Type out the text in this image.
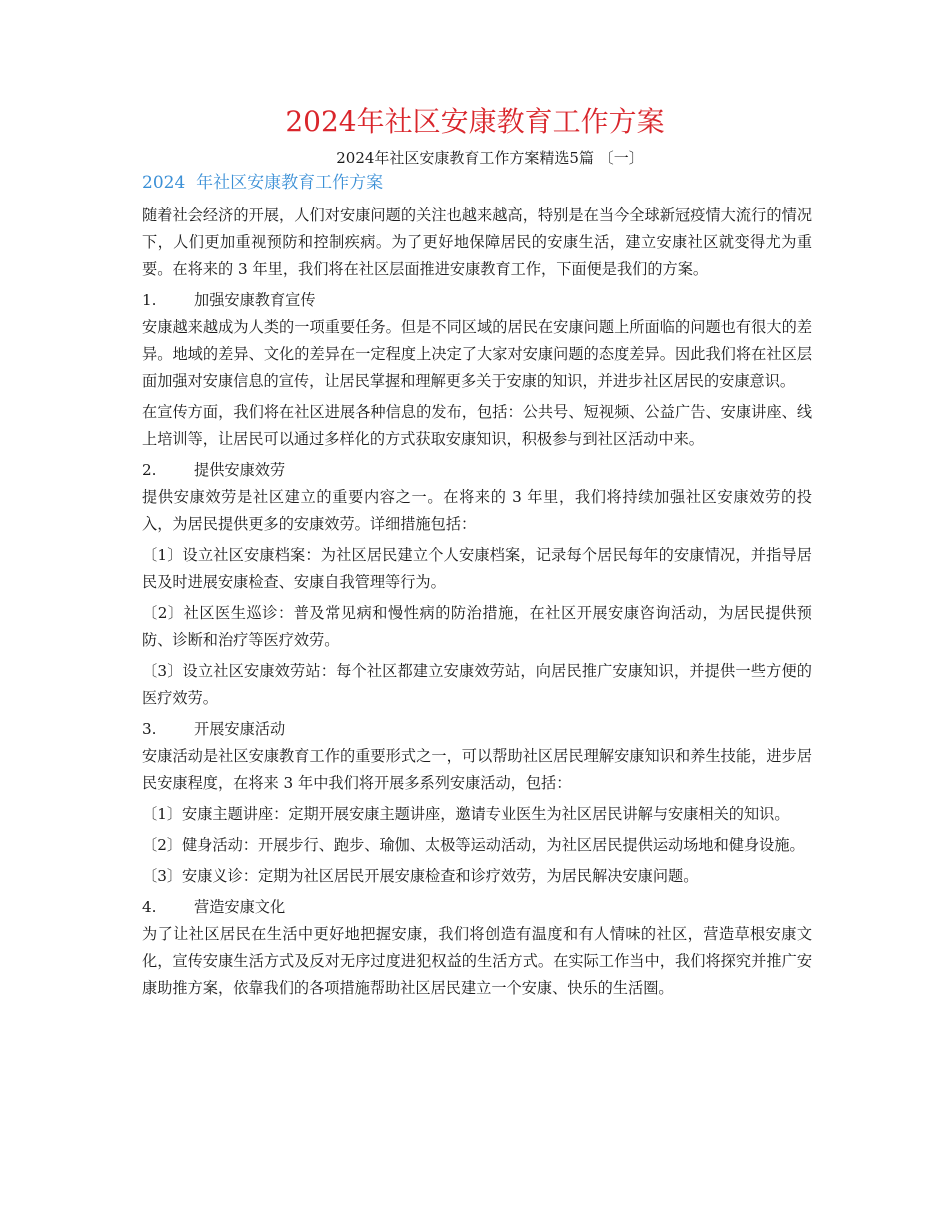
2024年社区安康教育工作方案
2024年社区安康教育工作方案精选5篇 〔一〕
2024  年社区安康教育工作方案

随着社会经济的开展，人们对安康问题的关注也越来越高，特别是在当今全球新冠疫情大流行的情况下，人们更加重视预防和控制疾病。为了更好地保障居民的安康生活，建立安康社区就变得尤为重要。在将来的 3 年里，我们将在社区层面推进安康教育工作，下面便是我们的方案。

1. 加强安康教育宣传

安康越来越成为人类的一项重要任务。但是不同区域的居民在安康问题上所面临的问题也有很大的差异。地域的差异、文化的差异在一定程度上决定了大家对安康问题的态度差异。因此我们将在社区层面加强对安康信息的宣传，让居民掌握和理解更多关于安康的知识，并进步社区居民的安康意识。

在宣传方面，我们将在社区进展各种信息的发布，包括：公共号、短视频、公益广告、安康讲座、线上培训等，让居民可以通过多样化的方式获取安康知识，积极参与到社区活动中来。

2. 提供安康效劳

提供安康效劳是社区建立的重要内容之一。在将来的 3 年里，我们将持续加强社区安康效劳的投入，为居民提供更多的安康效劳。详细措施包括：

〔1〕设立社区安康档案：为社区居民建立个人安康档案，记录每个居民每年的安康情况，并指导居民及时进展安康检查、安康自我管理等行为。

〔2〕社区医生巡诊：普及常见病和慢性病的防治措施，在社区开展安康咨询活动，为居民提供预防、诊断和治疗等医疗效劳。

〔3〕设立社区安康效劳站：每个社区都建立安康效劳站，向居民推广安康知识，并提供一些方便的医疗效劳。

3. 开展安康活动

安康活动是社区安康教育工作的重要形式之一，可以帮助社区居民理解安康知识和养生技能，进步居民安康程度，在将来 3 年中我们将开展多系列安康活动，包括：

〔1〕安康主题讲座：定期开展安康主题讲座，邀请专业医生为社区居民讲解与安康相关的知识。

〔2〕健身活动：开展步行、跑步、瑜伽、太极等运动活动，为社区居民提供运动场地和健身设施。

〔3〕安康义诊：定期为社区居民开展安康检查和诊疗效劳，为居民解决安康问题。

4. 营造安康文化

为了让社区居民在生活中更好地把握安康，我们将创造有温度和有人情味的社区，营造草根安康文化，宣传安康生活方式及反对无序过度进犯权益的生活方式。在实际工作当中，我们将探究并推广安康助推方案，依靠我们的各项措施帮助社区居民建立一个安康、快乐的生活圈。
